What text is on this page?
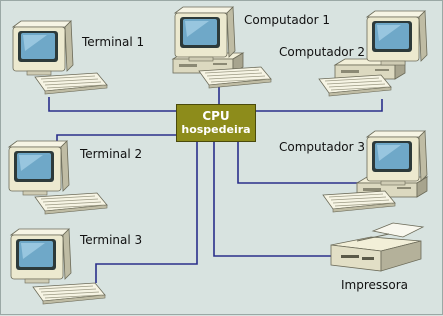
CPU
hospedeira
Terminal 1
Computador 1
Computador 2
Terminal 2	Computador 3
Terminal 3
Impressora
